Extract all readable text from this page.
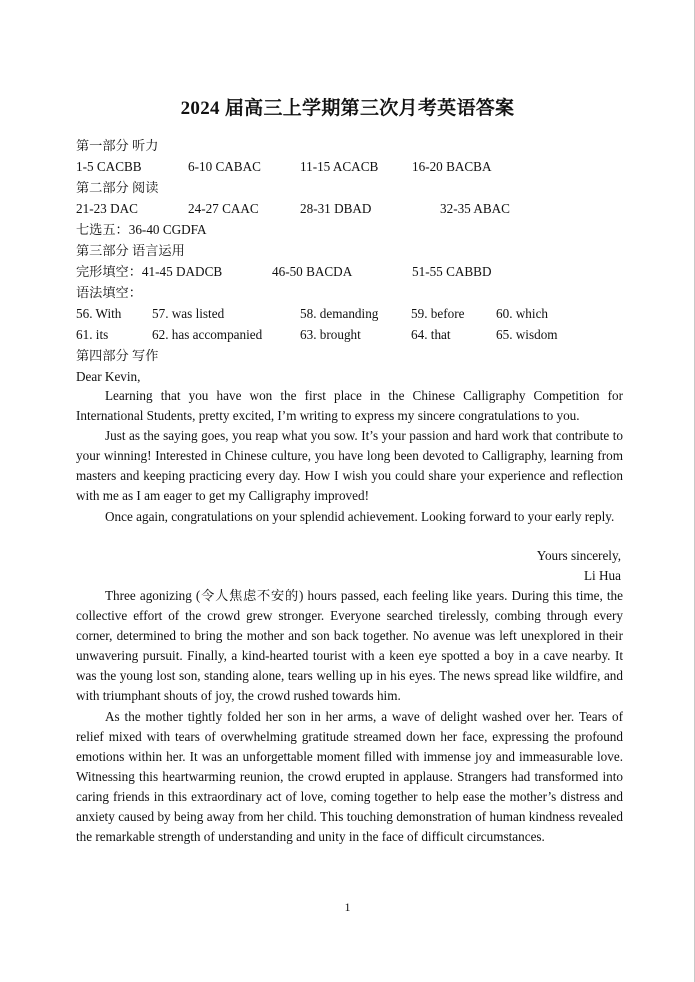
2024 届高三上学期第三次月考英语答案
第一部分 听力
1-5 CACBB	6-10 CABAC	11-15 ACACB	16-20 BACBA
第二部分 阅读
21-23 DAC	24-27 CAAC	28-31 DBAD	32-35 ABAC
七选五：36-40 CGDFA
第三部分 语言运用
完形填空：41-45 DADCB	46-50 BACDA	51-55 CABBD
语法填空：
56. With 57. was listed	58. demanding 59. before 60. which
61. its	62. has accompanied	63. brought	64. that	65. wisdom
第四部分 写作
Dear Kevin,

Learning that you have won the first place in the Chinese Calligraphy Competition for International Students, pretty excited, I’m writing to express my sincere congratulations to you.

Just as the saying goes, you reap what you sow. It’s your passion and hard work that contribute to your winning! Interested in Chinese culture, you have long been devoted to Calligraphy, learning from masters and keeping practicing every day. How I wish you could share your experience and reflection with me as I am eager to get my Calligraphy improved!

Once again, congratulations on your splendid achievement. Looking forward to your early reply.

Yours sincerely,
Li Hua

Three agonizing (令人焦虑不安的) hours passed, each feeling like years. During this time, the collective effort of the crowd grew stronger. Everyone searched tirelessly, combing through every corner, determined to bring the mother and son back together. No avenue was left unexplored in their unwavering pursuit. Finally, a kind-hearted tourist with a keen eye spotted a boy in a cave nearby. It was the young lost son, standing alone, tears welling up in his eyes. The news spread like wildfire, and with triumphant shouts of joy, the crowd rushed towards him.

As the mother tightly folded her son in her arms, a wave of delight washed over her. Tears of relief mixed with tears of overwhelming gratitude streamed down her face, expressing the profound emotions within her. It was an unforgettable moment filled with immense joy and immeasurable love. Witnessing this heartwarming reunion, the crowd erupted in applause. Strangers had transformed into caring friends in this extraordinary act of love, coming together to help ease the mother’s distress and anxiety caused by being away from her child. This touching demonstration of human kindness revealed the remarkable strength of understanding and unity in the face of difficult circumstances.

1
